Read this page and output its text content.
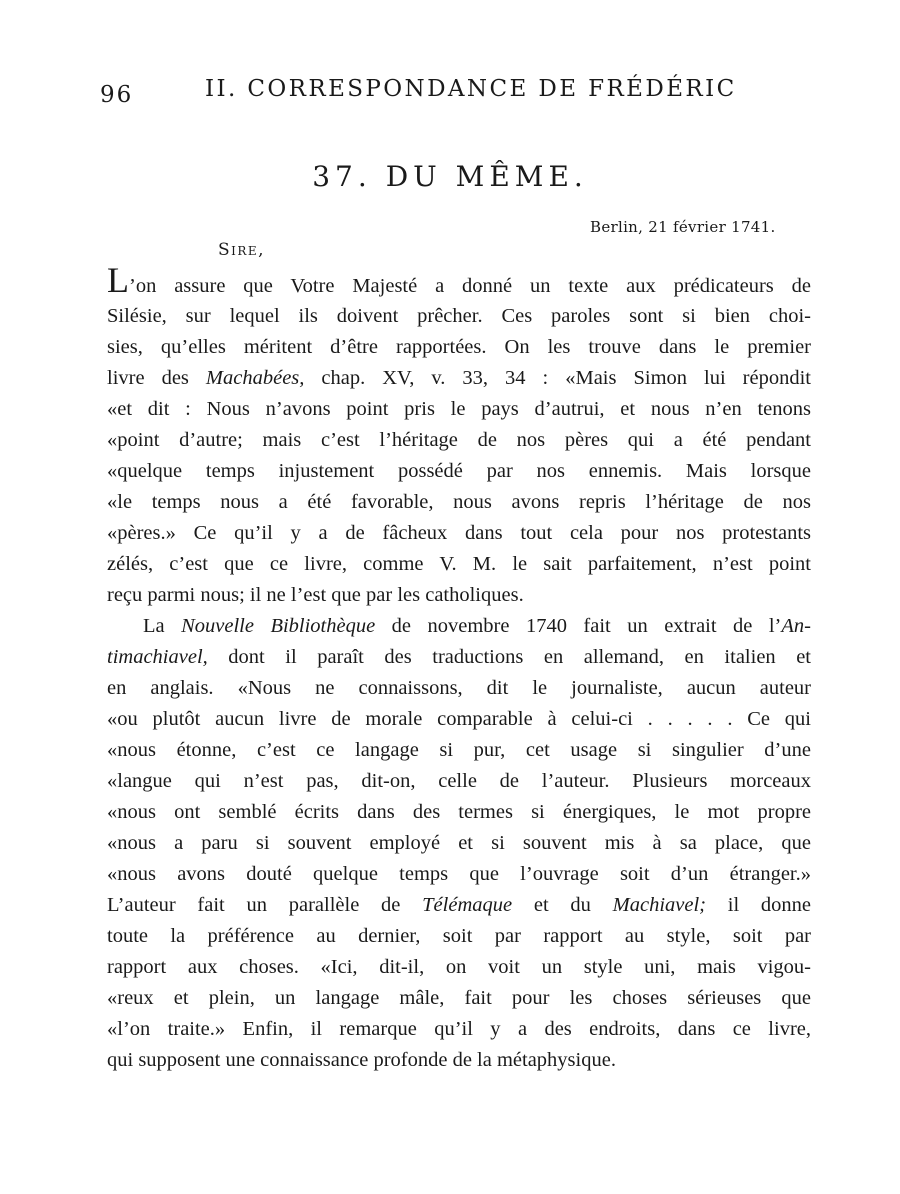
96	II. CORRESPONDANCE DE FRÉDÉRIC
37. DU MÊME.
Berlin, 21 février 1741.
Sire,
L’on assure que Votre Majesté a donné un texte aux prédicateurs de
Silésie, sur lequel ils doivent prêcher. Ces paroles sont si bien choi-
sies, qu’elles méritent d’être rapportées. On les trouve dans le premier
livre des Machabées, chap. XV, v. 33, 34 : «Mais Simon lui répondit
«et dit : Nous n’avons point pris le pays d’autrui, et nous n’en tenons
«point d’autre; mais c’est l’héritage de nos pères qui a été pendant
«quelque temps injustement possédé par nos ennemis. Mais lorsque
«le temps nous a été favorable, nous avons repris l’héritage de nos
«pères.» Ce qu’il y a de fâcheux dans tout cela pour nos protestants
zélés, c’est que ce livre, comme V. M. le sait parfaitement, n’est point
reçu parmi nous; il ne l’est que par les catholiques.
La Nouvelle Bibliothèque de novembre 1740 fait un extrait de l’An-
timachiavel, dont il paraît des traductions en allemand, en italien et
en anglais. «Nous ne connaissons, dit le journaliste, aucun auteur
«ou plutôt aucun livre de morale comparable à celui-ci . . . . . Ce qui
«nous étonne, c’est ce langage si pur, cet usage si singulier d’une
«langue qui n’est pas, dit-on, celle de l’auteur. Plusieurs morceaux
«nous ont semblé écrits dans des termes si énergiques, le mot propre
«nous a paru si souvent employé et si souvent mis à sa place, que
«nous avons douté quelque temps que l’ouvrage soit d’un étranger.»
L’auteur fait un parallèle de Télémaque et du Machiavel; il donne
toute la préférence au dernier, soit par rapport au style, soit par
rapport aux choses. «Ici, dit-il, on voit un style uni, mais vigou-
«reux et plein, un langage mâle, fait pour les choses sérieuses que
«l’on traite.» Enfin, il remarque qu’il y a des endroits, dans ce livre,
qui supposent une connaissance profonde de la métaphysique.
